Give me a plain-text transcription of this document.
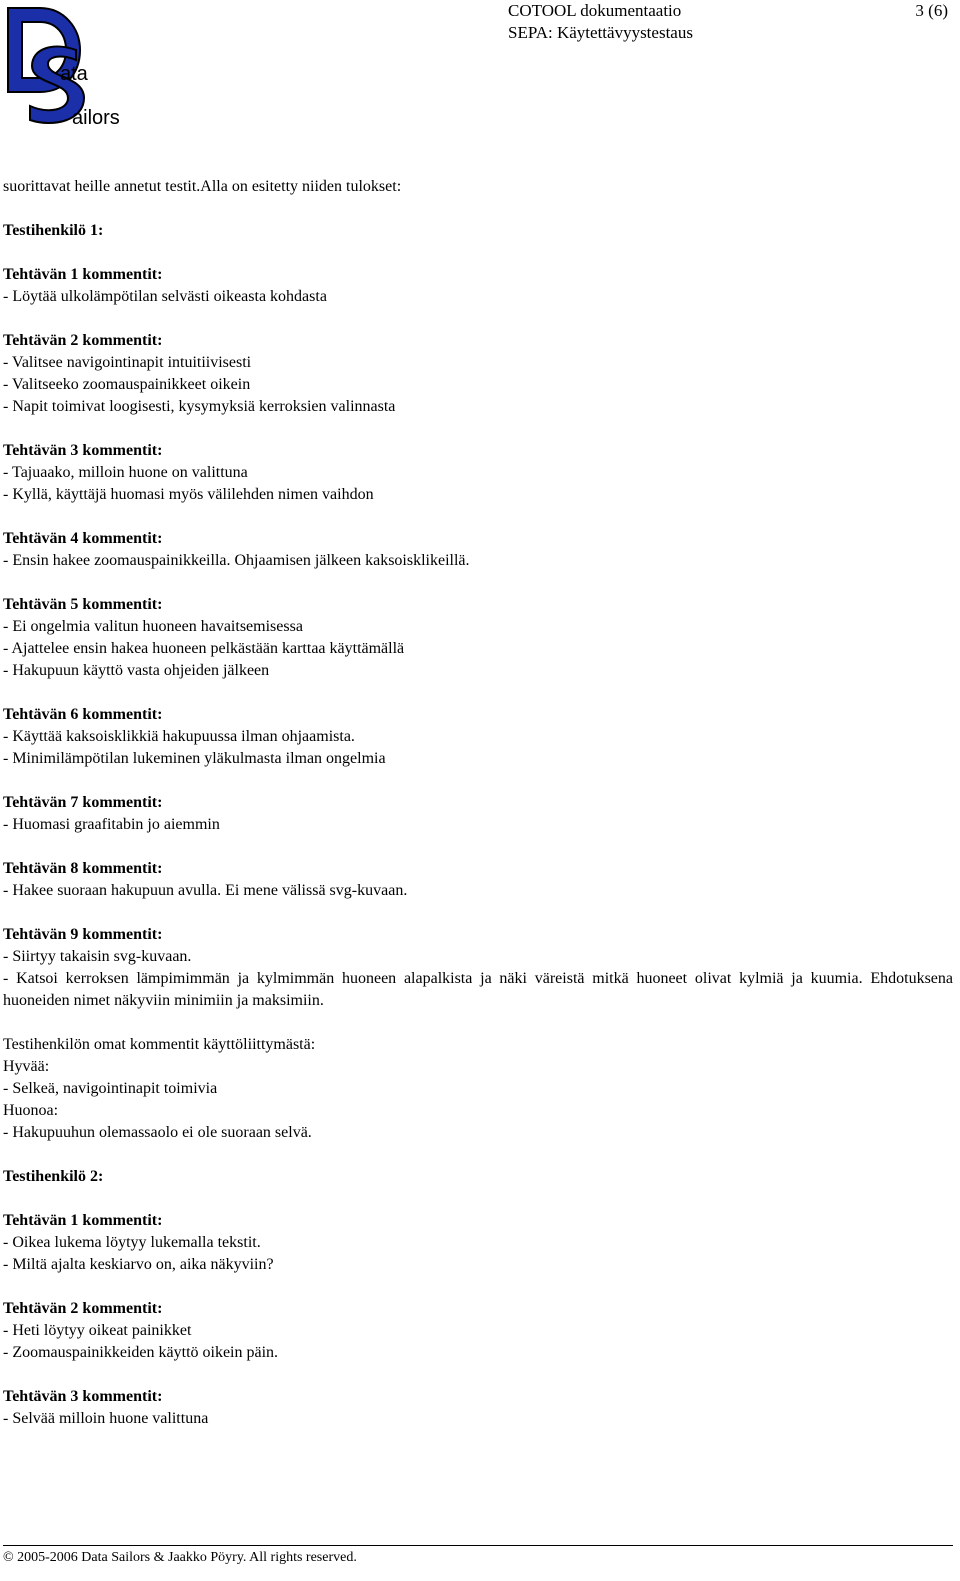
ata
ailors
COTOOL dokumentaatio	3 (6)
SEPA: Käytettävyystestaus
suorittavat heille annetut testit.Alla on esitetty niiden tulokset:
Testihenkilö 1:
Tehtävän 1 kommentit:
- Löytää ulkolämpötilan selvästi oikeasta kohdasta
Tehtävän 2 kommentit:
- Valitsee navigointinapit intuitiivisesti
- Valitseeko zoomauspainikkeet oikein
- Napit toimivat loogisesti, kysymyksiä kerroksien valinnasta
Tehtävän 3 kommentit:
- Tajuaako, milloin huone on valittuna
- Kyllä, käyttäjä huomasi myös välilehden nimen vaihdon
Tehtävän 4 kommentit:
- Ensin hakee zoomauspainikkeilla. Ohjaamisen jälkeen kaksoisklikeillä.
Tehtävän 5 kommentit:
- Ei ongelmia valitun huoneen havaitsemisessa
- Ajattelee ensin hakea huoneen pelkästään karttaa käyttämällä
- Hakupuun käyttö vasta ohjeiden jälkeen
Tehtävän 6 kommentit:
- Käyttää kaksoisklikkiä hakupuussa ilman ohjaamista.
- Minimilämpötilan lukeminen yläkulmasta ilman ongelmia
Tehtävän 7 kommentit:
- Huomasi graafitabin jo aiemmin
Tehtävän 8 kommentit:
- Hakee suoraan hakupuun avulla. Ei mene välissä svg-kuvaan.
Tehtävän 9 kommentit:
- Siirtyy takaisin svg-kuvaan.
- Katsoi kerroksen lämpimimmän ja kylmimmän huoneen alapalkista ja näki väreistä mitkä huoneet olivat kylmiä ja kuumia. Ehdotuksena huoneiden nimet näkyviin minimiin ja maksimiin.
Testihenkilön omat kommentit käyttöliittymästä:
Hyvää:
- Selkeä, navigointinapit toimivia
Huonoa:
- Hakupuuhun olemassaolo ei ole suoraan selvä.
Testihenkilö 2:
Tehtävän 1 kommentit:
- Oikea lukema löytyy lukemalla tekstit.
- Miltä ajalta keskiarvo on, aika näkyviin?
Tehtävän 2 kommentit:
- Heti löytyy oikeat painikket
- Zoomauspainikkeiden käyttö oikein päin.
Tehtävän 3 kommentit:
- Selvää milloin huone valittuna
© 2005-2006 Data Sailors & Jaakko Pöyry. All rights reserved.
